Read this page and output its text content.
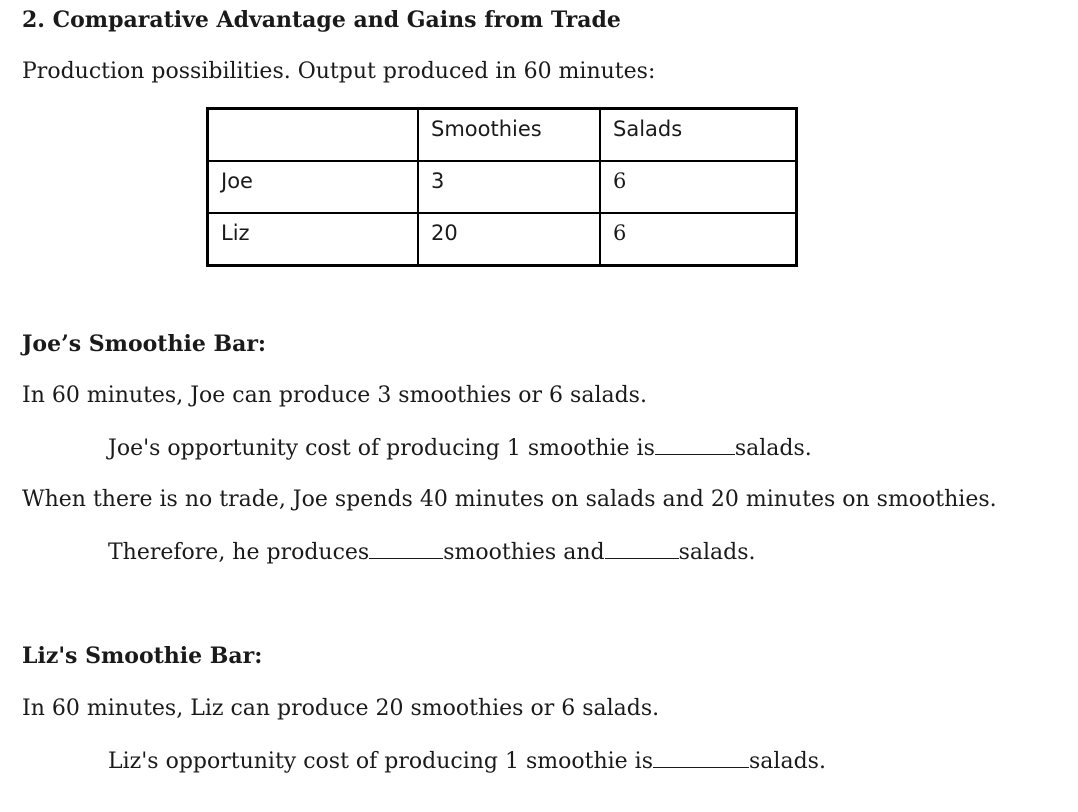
2. Comparative Advantage and Gains from Trade

Production possibilities. Output produced in 60 minutes:

	Smoothies	Salads
Joe	3	6
Liz	20	6
Joe’s Smoothie Bar:

In 60 minutes, Joe can produce 3 smoothies or 6 salads.

Joe's opportunity cost of producing 1 smoothie is	salads.

When there is no trade, Joe spends 40 minutes on salads and 20 minutes on smoothies.

Therefore, he produces	smoothies and	salads.

Liz's Smoothie Bar:

In 60 minutes, Liz can produce 20 smoothies or 6 salads.

Liz's opportunity cost of producing 1 smoothie is	salads.
